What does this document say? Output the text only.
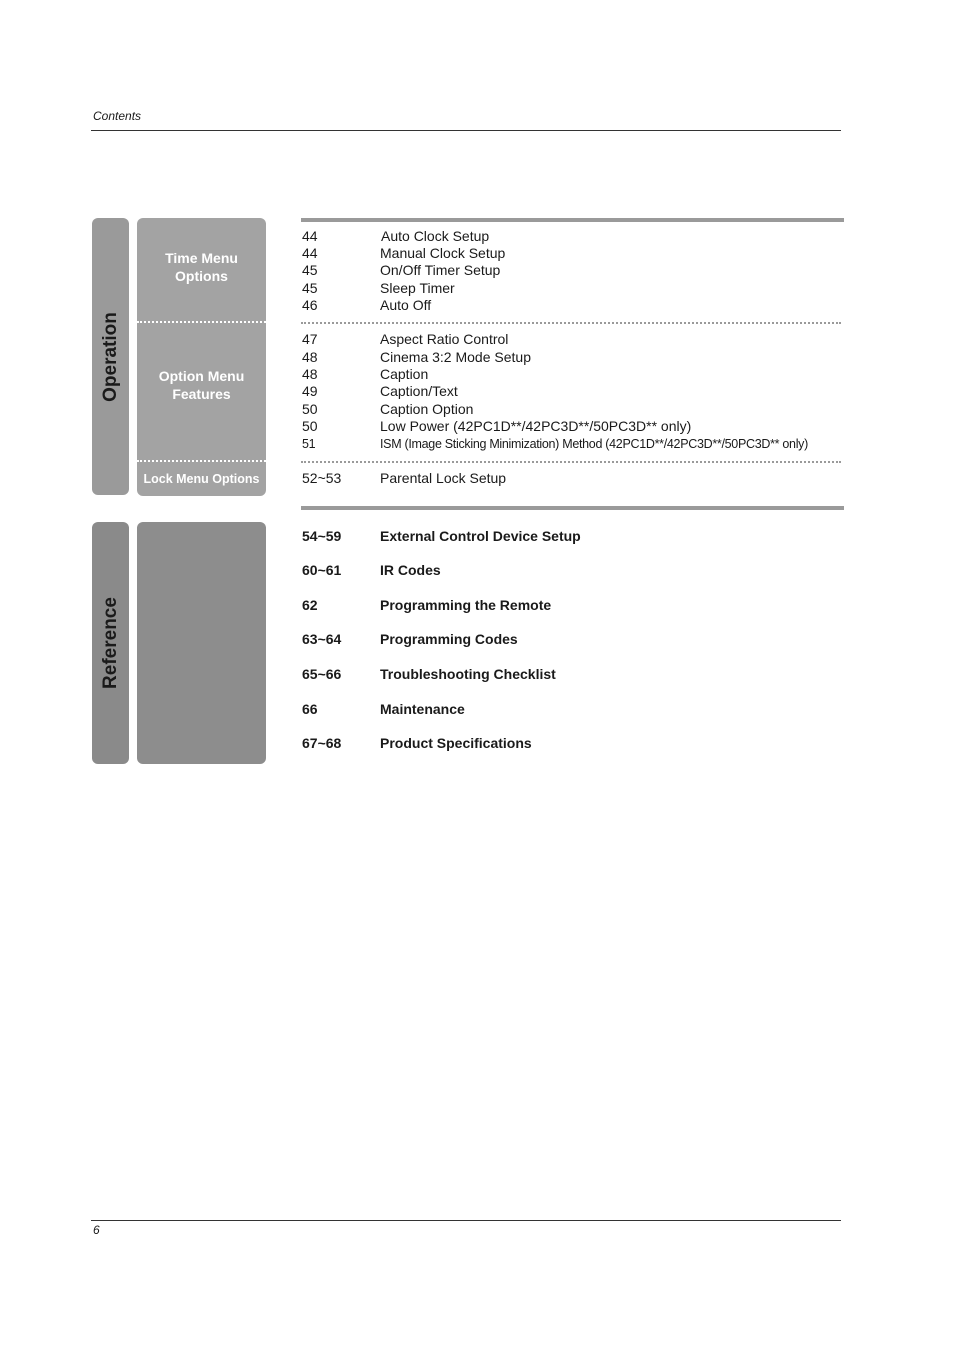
Contents
Operation
Time Menu
Options
Option Menu
Features
Lock Menu Options
Reference
44	Auto Clock Setup
44	Manual Clock Setup
45	On/Off Timer Setup
45	Sleep Timer
46	Auto Off
47	Aspect Ratio Control
48	Cinema 3:2 Mode Setup
48	Caption
49	Caption/Text
50	Caption Option
50	Low Power (42PC1D**/42PC3D**/50PC3D** only)
51	ISM (Image Sticking Minimization) Method (42PC1D**/42PC3D**/50PC3D** only)
52~53	Parental Lock Setup
54~59	External Control Device Setup
60~61	IR Codes
62	Programming the Remote
63~64	Programming Codes
65~66	Troubleshooting Checklist
66	Maintenance
67~68	Product Specifications
6
